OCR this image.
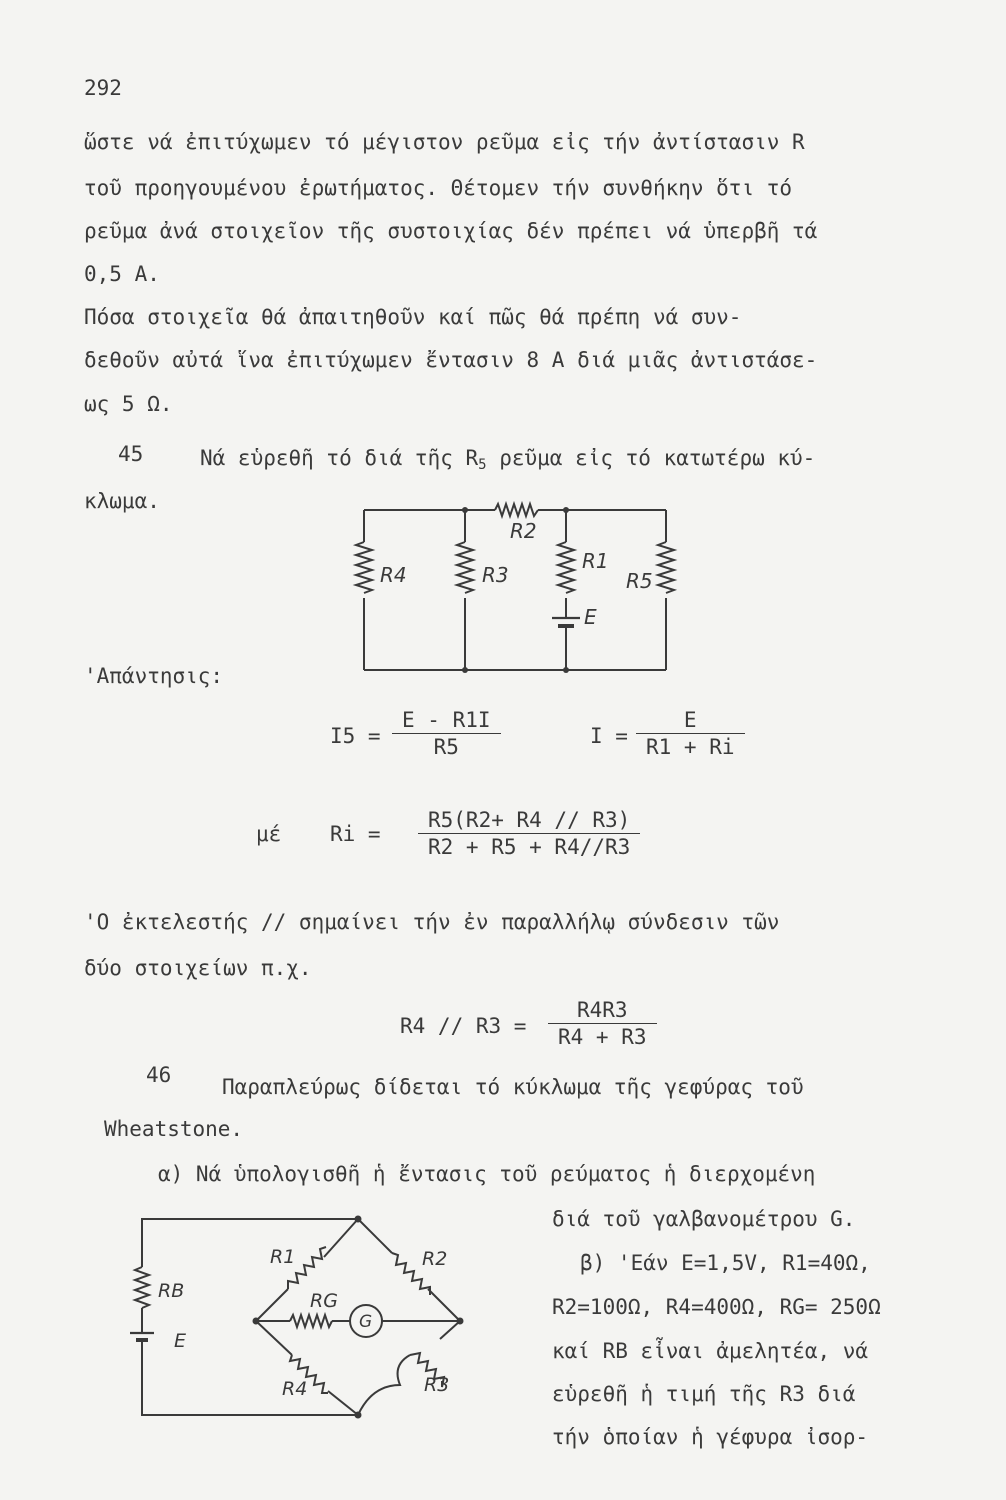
292
ὥστε νά ἐπιτύχωμεν τό μέγιστον ρεῦμα εἰς τήν ἀντίστασιν R
τοῦ προηγουμένου ἐρωτήματος. Θέτομεν τήν συνθήκην ὅτι τό
ρεῦμα ἀνά στοιχεῖον τῆς συστοιχίας δέν πρέπει νά ὑπερβῆ τά
0,5 A.
Πόσα στοιχεῖα θά ἀπαιτηθοῦν καί πῶς θά πρέπη νά συν-
δεθοῦν αὐτά ἵνα ἐπιτύχωμεν ἔντασιν 8 A διά μιᾶς ἀντιστάσε-
ως 5 Ω.
45	Νά εὑρεθῆ τό διά τῆς $R_5$ ρεῦμα εἰς τό κατωτέρω κύ-
κλωμα.
'Απάντησις:
R2
R4	R3
R1
R5
E
I5 =
E - R1I
R5	I =
E
R1 + Ri
μέ Ri =
R5(R2+ R4 // R3)
R2 + R5 + R4//R3
'Ο ἐκτελεστής // σημαίνει τήν ἐν παραλλήλῳ σύνδεσιν τῶν
δύο στοιχείων π.χ.
R4 // R3 =
R4R3
R4 + R3
46 Παραπλεύρως δίδεται τό κύκλωμα τῆς γεφύρας τοῦ
Wheatstone.
α) Νά ὑπολογισθῆ ἡ ἔντασις τοῦ ρεύματος ἡ διερχομένη
διά τοῦ γαλβανομέτρου G.
β) 'Εάν E=1,5V, R1=40Ω,
R2=100Ω, R4=400Ω, RG= 250Ω
καί RB εἶναι ἀμελητέα, νά
εὑρεθῆ ἡ τιμή τῆς R3 διά
τήν ὁποίαν ἡ γέφυρα ἰσορ-
RB
E
R1	R2
RG
G
R4	R3
